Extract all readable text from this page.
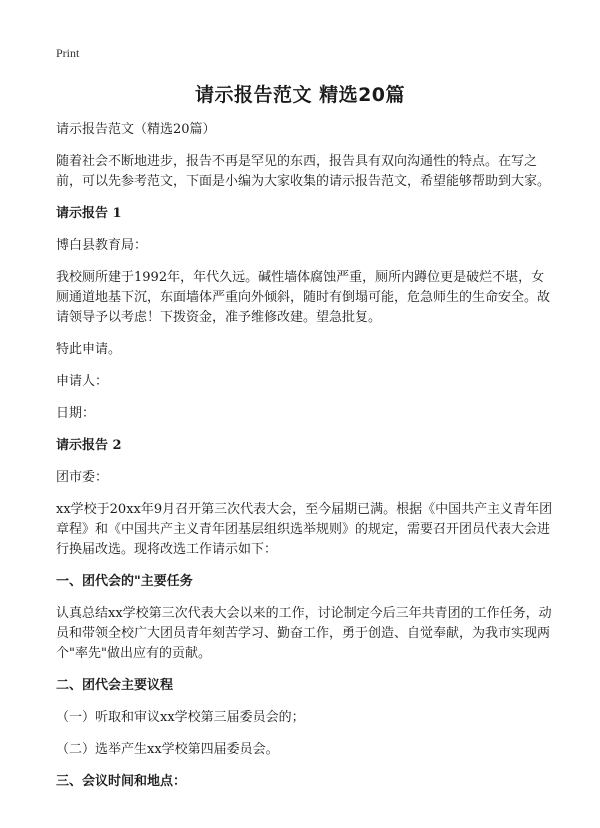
Print
请示报告范文 精选20篇

请示报告范文（精选20篇）

随着社会不断地进步，报告不再是罕见的东西，报告具有双向沟通性的特点。在写之前，可以先参考范文，下面是小编为大家收集的请示报告范文，希望能够帮助到大家。

请示报告 1

博白县教育局：

我校厕所建于1992年，年代久远。碱性墙体腐蚀严重，厕所内蹲位更是破烂不堪，女厕通道地基下沉，东面墙体严重向外倾斜，随时有倒塌可能，危急师生的生命安全。故请领导予以考虑！下拨资金，准予维修改建。望急批复。

特此申请。

申请人：

日期：

请示报告 2

团市委：

xx学校于20xx年9月召开第三次代表大会，至今届期已满。根据《中国共产主义青年团章程》和《中国共产主义青年团基层组织选举规则》的规定，需要召开团员代表大会进行换届改选。现将改选工作请示如下：

一、团代会的"主要任务

认真总结xx学校第三次代表大会以来的工作，讨论制定今后三年共青团的工作任务，动员和带领全校广大团员青年刻苦学习、勤奋工作，勇于创造、自觉奉献，为我市实现两个"率先"做出应有的贡献。

二、团代会主要议程

（一）听取和审议xx学校第三届委员会的；

（二）选举产生xx学校第四届委员会。

三、会议时间和地点：
